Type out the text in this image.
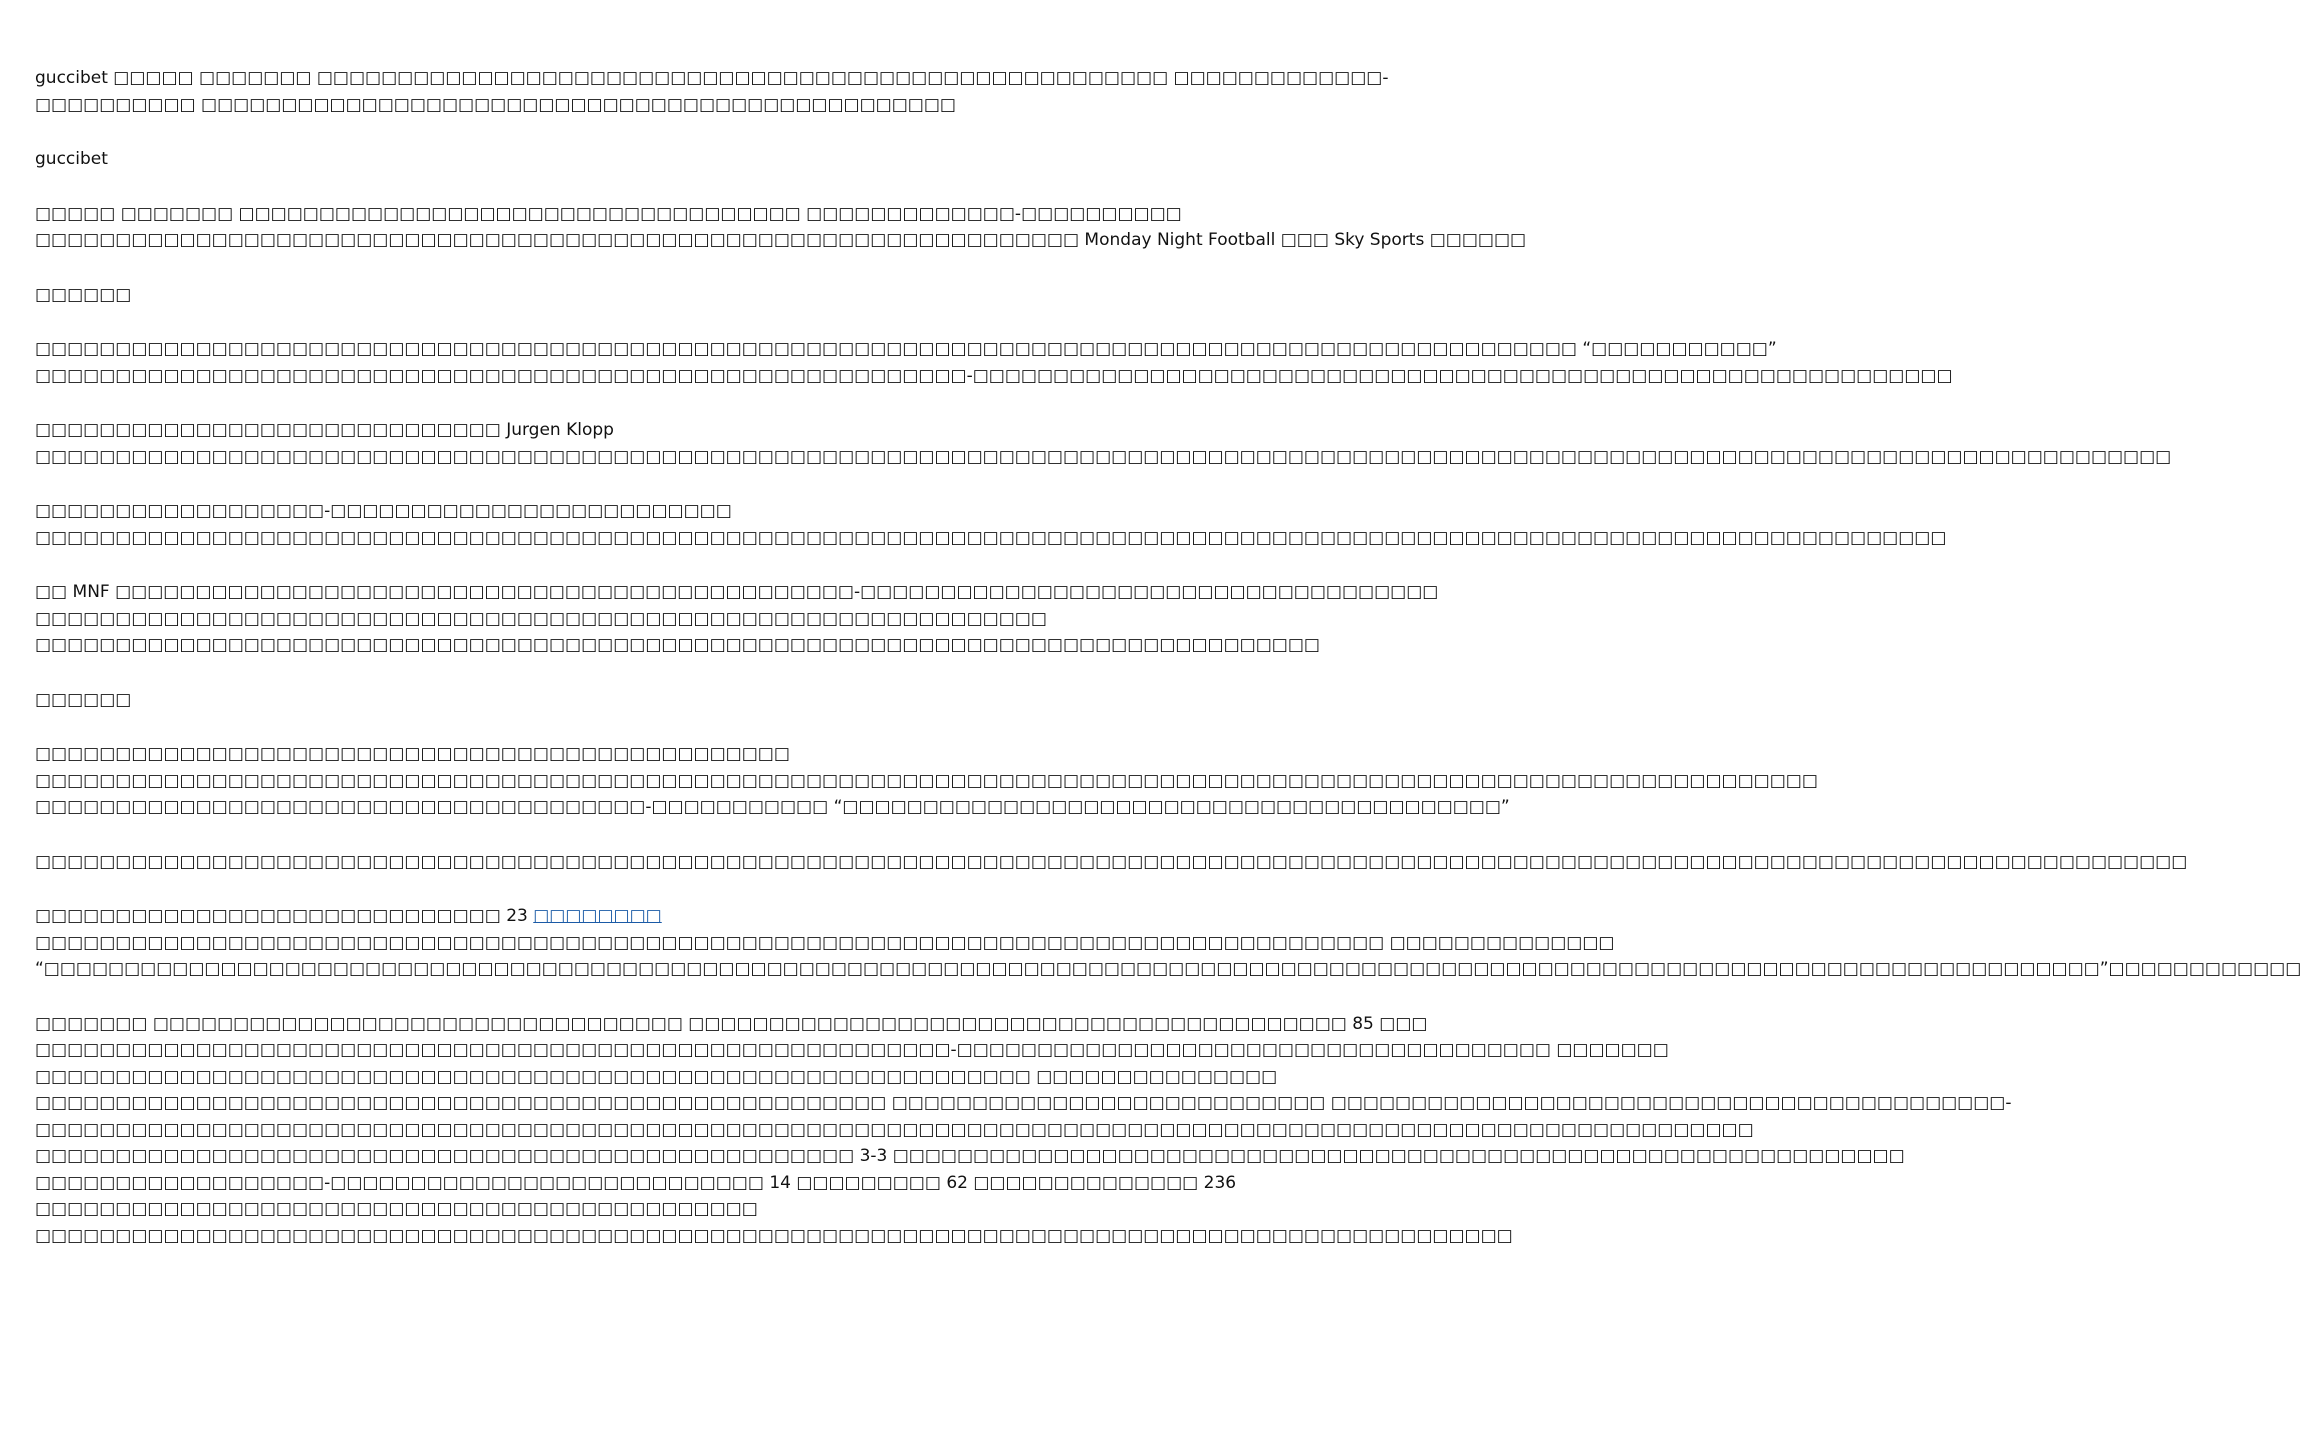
guccibet □□□□□ □□□□□□□ □□□□□□□□□□□□□□□□□□□□□□□□□□□□□□□□□□□□□□□□□□□□□□□□□□□□□ □□□□□□□□□□□□□-
□□□□□□□□□□ □□□□□□□□□□□□□□□□□□□□□□□□□□□□□□□□□□□□□□□□□□□□□□□

guccibet

□□□□□ □□□□□□□ □□□□□□□□□□□□□□□□□□□□□□□□□□□□□□□□□□□ □□□□□□□□□□□□□-□□□□□□□□□□
□□□□□□□□□□□□□□□□□□□□□□□□□□□□□□□□□□□□□□□□□□□□□□□□□□□□□□□□□□□□□□□□□ Monday Night Football □□□ Sky Sports □□□□□□

□□□□□□

□□□□□□□□□□□□□□□□□□□□□□□□□□□□□□□□□□□□□□□□□□□□□□□□□□□□□□□□□□□□□□□□□□□□□□□□□□□□□□□□□□□□□□□□□□□□□□□□ “□□□□□□□□□□□”
□□□□□□□□□□□□□□□□□□□□□□□□□□□□□□□□□□□□□□□□□□□□□□□□□□□□□□□□□□-□□□□□□□□□□□□□□□□□□□□□□□□□□□□□□□□□□□□□□□□□□□□□□□□□□□□□□□□□□□□□

□□□□□□□□□□□□□□□□□□□□□□□□□□□□□ Jurgen Klopp
□□□□□□□□□□□□□□□□□□□□□□□□□□□□□□□□□□□□□□□□□□□□□□□□□□□□□□□□□□□□□□□□□□□□□□□□□□□□□□□□□□□□□□□□□□□□□□□□□□□□□□□□□□□□□□□□□□□□□□□□□□□□□□□□□□□□□

□□□□□□□□□□□□□□□□□□-□□□□□□□□□□□□□□□□□□□□□□□□□
□□□□□□□□□□□□□□□□□□□□□□□□□□□□□□□□□□□□□□□□□□□□□□□□□□□□□□□□□□□□□□□□□□□□□□□□□□□□□□□□□□□□□□□□□□□□□□□□□□□□□□□□□□□□□□□□□□□□□□□

□□ MNF □□□□□□□□□□□□□□□□□□□□□□□□□□□□□□□□□□□□□□□□□□□□□□-□□□□□□□□□□□□□□□□□□□□□□□□□□□□□□□□□□□□
□□□□□□□□□□□□□□□□□□□□□□□□□□□□□□□□□□□□□□□□□□□□□□□□□□□□□□□□□□□□□□□
□□□□□□□□□□□□□□□□□□□□□□□□□□□□□□□□□□□□□□□□□□□□□□□□□□□□□□□□□□□□□□□□□□□□□□□□□□□□□□□□

□□□□□□

□□□□□□□□□□□□□□□□□□□□□□□□□□□□□□□□□□□□□□□□□□□□□□□
□□□□□□□□□□□□□□□□□□□□□□□□□□□□□□□□□□□□□□□□□□□□□□□□□□□□□□□□□□□□□□□□□□□□□□□□□□□□□□□□□□□□□□□□□□□□□□□□□□□□□□□□□□□□□□□
□□□□□□□□□□□□□□□□□□□□□□□□□□□□□□□□□□□□□□-□□□□□□□□□□□ “□□□□□□□□□□□□□□□□□□□□□□□□□□□□□□□□□□□□□□□□□”

□□□□□□□□□□□□□□□□□□□□□□□□□□□□□□□□□□□□□□□□□□□□□□□□□□□□□□□□□□□□□□□□□□□□□□□□□□□□□□□□□□□□□□□□□□□□□□□□□□□□□□□□□□□□□□□□□□□□□□□□□□□□□□□□□□□□□□

□□□□□□□□□□□□□□□□□□□□□□□□□□□□□ 23 □□□□□□□□
□□□□□□□□□□□□□□□□□□□□□□□□□□□□□□□□□□□□□□□□□□□□□□□□□□□□□□□□□□□□□□□□□□□□□□□□□□□□□□□□□□□□ □□□□□□□□□□□□□□
“□□□□□□□□□□□□□□□□□□□□□□□□□□□□□□□□□□□□□□□□□□□□□□□□□□□□□□□□□□□□□□□□□□□□□□□□□□□□□□□□□□□□□□□□□□□□□□□□□□□□□□□□□□□□□□□□□□□□□□□□□□□□□□□□”□□□□□□□□□□□□

□□□□□□□ □□□□□□□□□□□□□□□□□□□□□□□□□□□□□□□□□ □□□□□□□□□□□□□□□□□□□□□□□□□□□□□□□□□□□□□□□□□ 85 □□□
□□□□□□□□□□□□□□□□□□□□□□□□□□□□□□□□□□□□□□□□□□□□□□□□□□□□□□□□□-□□□□□□□□□□□□□□□□□□□□□□□□□□□□□□□□□□□□□ □□□□□□□
□□□□□□□□□□□□□□□□□□□□□□□□□□□□□□□□□□□□□□□□□□□□□□□□□□□□□□□□□□□□□□ □□□□□□□□□□□□□□□
□□□□□□□□□□□□□□□□□□□□□□□□□□□□□□□□□□□□□□□□□□□□□□□□□□□□□ □□□□□□□□□□□□□□□□□□□□□□□□□□□ □□□□□□□□□□□□□□□□□□□□□□□□□□□□□□□□□□□□□□□□□□-
□□□□□□□□□□□□□□□□□□□□□□□□□□□□□□□□□□□□□□□□□□□□□□□□□□□□□□□□□□□□□□□□□□□□□□□□□□□□□□□□□□□□□□□□□□□□□□□□□□□□□□□□□□□
□□□□□□□□□□□□□□□□□□□□□□□□□□□□□□□□□□□□□□□□□□□□□□□□□□□ 3-3 □□□□□□□□□□□□□□□□□□□□□□□□□□□□□□□□□□□□□□□□□□□□□□□□□□□□□□□□□□□□□□□
□□□□□□□□□□□□□□□□□□-□□□□□□□□□□□□□□□□□□□□□□□□□□□ 14 □□□□□□□□□ 62 □□□□□□□□□□□□□□ 236
□□□□□□□□□□□□□□□□□□□□□□□□□□□□□□□□□□□□□□□□□□□□□
□□□□□□□□□□□□□□□□□□□□□□□□□□□□□□□□□□□□□□□□□□□□□□□□□□□□□□□□□□□□□□□□□□□□□□□□□□□□□□□□□□□□□□□□□□□□
